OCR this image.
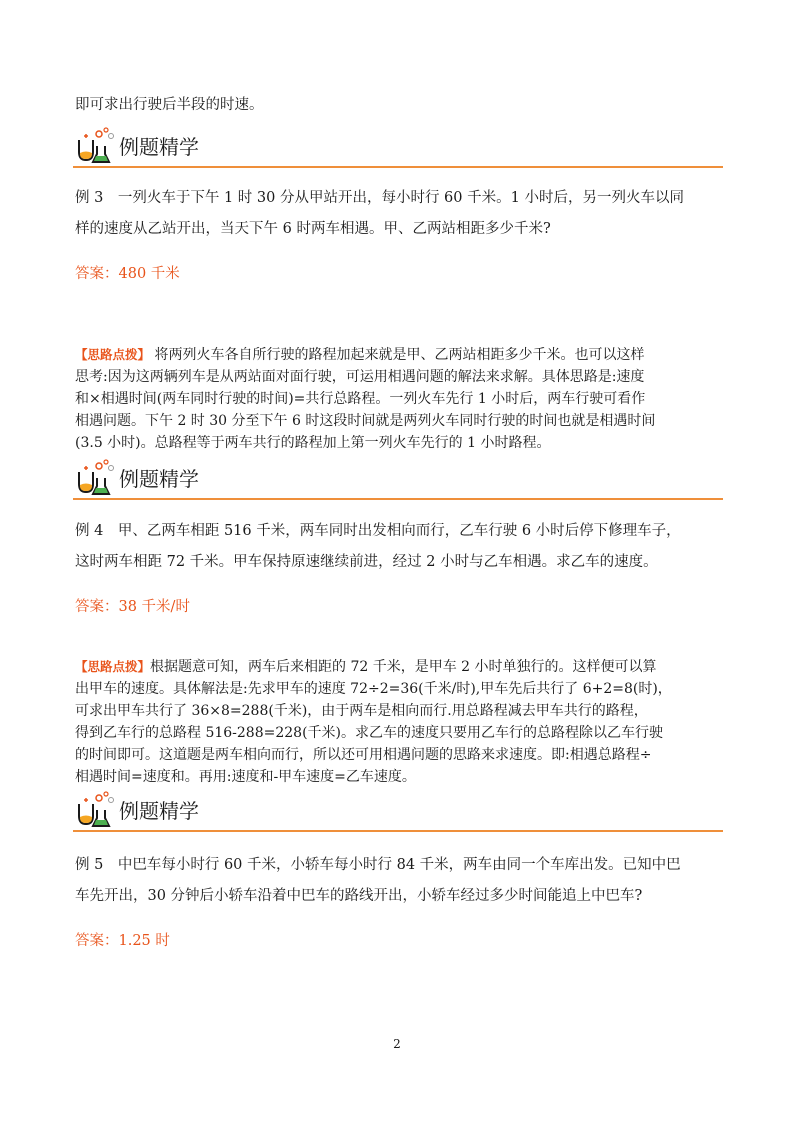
即可求出行驶后半段的时速。
例题精学
例 3　一列火车于下午 1 时 30 分从甲站开出，每小时行 60 千米。1 小时后，另一列火车以同
样的速度从乙站开出，当天下午 6 时两车相遇。甲、乙两站相距多少千米?
答案：480 千米
【思路点拨】 将两列火车各自所行驶的路程加起来就是甲、乙两站相距多少千米。也可以这样
思考:因为这两辆列车是从两站面对面行驶，可运用相遇问题的解法来求解。具体思路是:速度
和×相遇时间(两车同时行驶的时间)=共行总路程。一列火车先行 1 小时后，两车行驶可看作
相遇问题。下午 2 时 30 分至下午 6 时这段时间就是两列火车同时行驶的时间也就是相遇时间
(3.5 小时)。总路程等于两车共行的路程加上第一列火车先行的 1 小时路程。
例题精学
例 4　甲、乙两车相距 516 千米，两车同时出发相向而行，乙车行驶 6 小时后停下修理车子，
这时两车相距 72 千米。甲车保持原速继续前进，经过 2 小时与乙车相遇。求乙车的速度。
答案：38 千米/时
【思路点拨】根据题意可知，两车后来相距的 72 千米，是甲车 2 小时单独行的。这样便可以算
出甲车的速度。具体解法是:先求甲车的速度 72÷2=36(千米/时),甲车先后共行了 6+2=8(时)，
可求出甲车共行了 36×8=288(千米)，由于两车是相向而行.用总路程减去甲车共行的路程，
得到乙车行的总路程 516-288=228(千米)。求乙车的速度只要用乙车行的总路程除以乙车行驶
的时间即可。这道题是两车相向而行，所以还可用相遇问题的思路来求速度。即:相遇总路程÷
相遇时间=速度和。再用:速度和-甲车速度=乙车速度。
例题精学
例 5　中巴车每小时行 60 千米，小轿车每小时行 84 千米，两车由同一个车库出发。已知中巴
车先开出，30 分钟后小轿车沿着中巴车的路线开出，小轿车经过多少时间能追上中巴车?
答案：1.25 时
2
